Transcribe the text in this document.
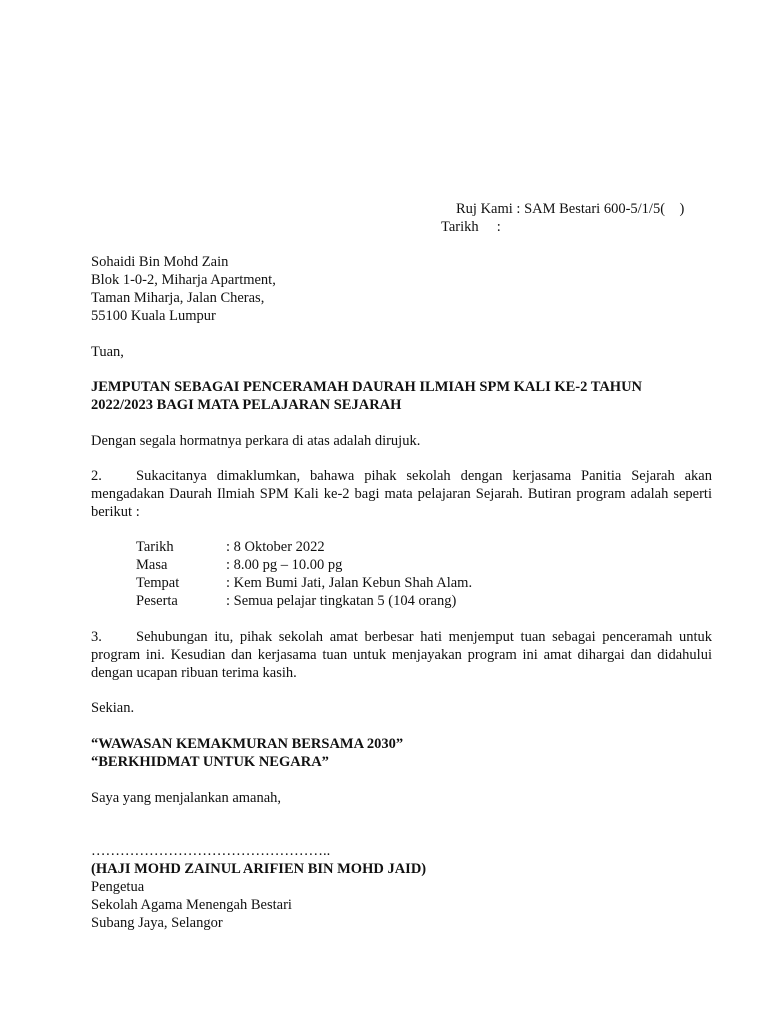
Ruj Kami : SAM Bestari 600-5/1/5(    )
Tarikh     :
Sohaidi Bin Mohd Zain
Blok 1-0-2, Miharja Apartment,
Taman Miharja, Jalan Cheras,
55100 Kuala Lumpur
Tuan,
JEMPUTAN SEBAGAI PENCERAMAH DAURAH ILMIAH SPM KALI KE-2 TAHUN
2022/2023 BAGI MATA PELAJARAN SEJARAH
Dengan segala hormatnya perkara di atas adalah dirujuk.
2. Sukacitanya dimaklumkan, bahawa pihak sekolah dengan kerjasama Panitia Sejarah akan mengadakan Daurah Ilmiah SPM Kali ke-2 bagi mata pelajaran Sejarah. Butiran program adalah seperti berikut :
Tarikh	: 8 Oktober 2022
Masa	: 8.00 pg – 10.00 pg
Tempat	: Kem Bumi Jati, Jalan Kebun Shah Alam.
Peserta	: Semua pelajar tingkatan 5 (104 orang)
3. Sehubungan itu, pihak sekolah amat berbesar hati menjemput tuan sebagai penceramah untuk program ini. Kesudian dan kerjasama tuan untuk menjayakan program ini amat dihargai dan didahului dengan ucapan ribuan terima kasih.
Sekian.
“WAWASAN KEMAKMURAN BERSAMA 2030”
“BERKHIDMAT UNTUK NEGARA”
Saya yang menjalankan amanah,
…………………………………………..
(HAJI MOHD ZAINUL ARIFIEN BIN MOHD JAID)
Pengetua
Sekolah Agama Menengah Bestari
Subang Jaya, Selangor
